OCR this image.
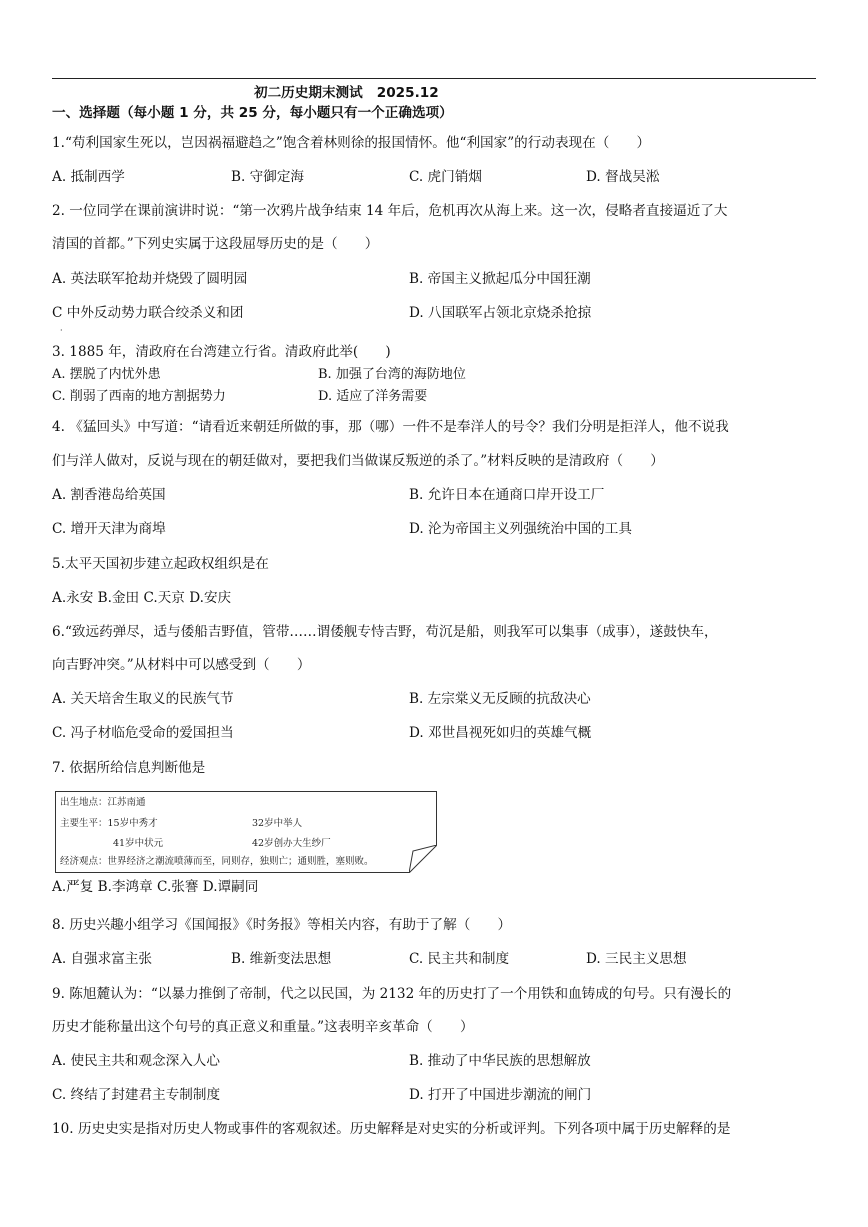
初二历史期末测试 2025.12
一、选择题（每小题 1 分，共 25 分，每小题只有一个正确选项）
1.“苟利国家生死以，岂因祸福避趋之”饱含着林则徐的报国情怀。他“利国家”的行动表现在（　　）
A. 抵制西学	B. 守御定海	C. 虎门销烟	D. 督战吴淞
2. 一位同学在课前演讲时说：“第一次鸦片战争结束 14 年后，危机再次从海上来。这一次，侵略者直接逼近了大
清国的首都。”下列史实属于这段屈辱历史的是（　　）
A. 英法联军抢劫并烧毁了圆明园	B. 帝国主义掀起瓜分中国狂潮
C 中外反动势力联合绞杀义和团	D. 八国联军占领北京烧杀抢掠
·
3. 1885 年，清政府在台湾建立行省。清政府此举(　　)
A. 摆脱了内忧外患	B. 加强了台湾的海防地位
C. 削弱了西南的地方割据势力	D. 适应了洋务需要
4. 《猛回头》中写道：“请看近来朝廷所做的事，那（哪）一件不是奉洋人的号令？我们分明是拒洋人，他不说我
们与洋人做对，反说与现在的朝廷做对，要把我们当做谋反叛逆的杀了。”材料反映的是清政府（　　）
A. 割香港岛给英国	B. 允许日本在通商口岸开设工厂
C. 增开天津为商埠	D. 沦为帝国主义列强统治中国的工具
5.太平天国初步建立起政权组织是在
A.永安 B.金田 C.天京 D.安庆
6.“致远药弹尽，适与倭船吉野值，管带……谓倭舰专恃吉野，苟沉是船，则我军可以集事（成事），遂鼓快车，
向吉野冲突。”从材料中可以感受到（　　）
A. 关天培舍生取义的民族气节	B. 左宗棠义无反顾的抗敌决心
C. 冯子材临危受命的爱国担当	D. 邓世昌视死如归的英雄气概
7. 依据所给信息判断他是
出生地点：江苏南通
主要生平：15岁中秀才	32岁中举人
41岁中状元	42岁创办大生纱厂
经济观点：世界经济之潮流喷薄而至，同则存，独则亡；通则胜，塞则败。
A.严复 B.李鸿章 C.张謇 D.谭嗣同
8. 历史兴趣小组学习《国闻报》《时务报》等相关内容，有助于了解（　　）
A. 自强求富主张	B. 维新变法思想	C. 民主共和制度	D. 三民主义思想
9. 陈旭麓认为：“以暴力推倒了帝制，代之以民国，为 2132 年的历史打了一个用铁和血铸成的句号。只有漫长的
历史才能称量出这个句号的真正意义和重量。”这表明辛亥革命（　　）
A. 使民主共和观念深入人心	B. 推动了中华民族的思想解放
C. 终结了封建君主专制制度	D. 打开了中国进步潮流的闸门
10. 历史史实是指对历史人物或事件的客观叙述。历史解释是对史实的分析或评判。下列各项中属于历史解释的是
